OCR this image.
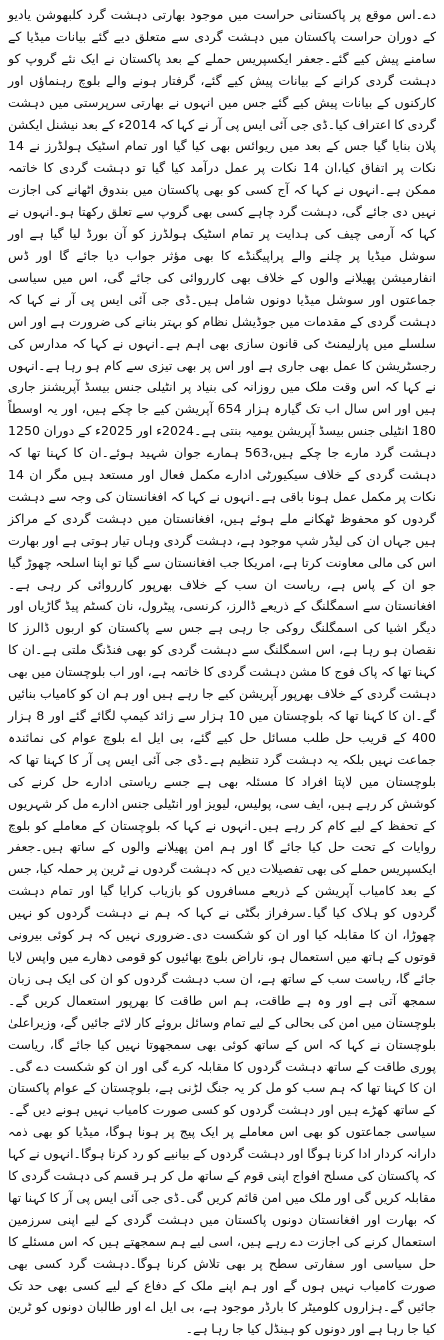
دے۔اس موقع پر پاکستانی حراست میں موجود بھارتی دہشت گرد کلبھوشن یادیو کے دوران حراست پاکستان میں دہشت گردی سے متعلق دیے گئے بیانات میڈیا کے سامنے پیش کیے گئے۔جعفر ایکسپریس حملے کے بعد پاکستان نے ایک نئے گروپ کو دہشت گردی کرانے کے بیانات پیش کیے گئے، گرفتار ہونے والے بلوچ رہنماؤں اور کارکنوں کے بیانات پیش کیے گئے جس میں انہوں نے بھارتی سرپرستی میں دہشت گردی کا اعتراف کیا۔ڈی جی آئی ایس پی آر نے کہا کہ 2014ء کے بعد نیشنل ایکشن پلان بنایا گیا جس کے بعد میں ریوائس بھی کیا گیا اور تمام اسٹیک ہولڈرز نے 14 نکات پر اتفاق کیا،ان 14 نکات پر عمل درآمد کیا گیا تو دہشت گردی کا خاتمہ ممکن ہے۔انہوں نے کہا کہ آج کسی کو بھی پاکستان میں بندوق اٹھانے کی اجازت نہیں دی جائے گی، دہشت گرد چاہے کسی بھی گروپ سے تعلق رکھتا ہو۔انہوں نے کہا کہ آرمی چیف کی ہدایت پر تمام اسٹیک ہولڈرز کو آن بورڈ لیا گیا ہے اور سوشل میڈیا پر چلنے والے پراپیگنڈے کا بھی مؤثر جواب دیا جائے گا اور ڈس انفارمیشن پھیلانے والوں کے خلاف بھی کارروائی کی جائے گی، اس میں سیاسی جماعتوں اور سوشل میڈیا دونوں شامل ہیں۔ڈی جی آئی ایس پی آر نے کہا کہ دہشت گردی کے مقدمات میں جوڈیشل نظام کو بہتر بنانے کی ضرورت ہے اور اس سلسلے میں پارلیمنٹ کی قانون سازی بھی اہم ہے۔انہوں نے کہا کہ مدارس کی رجسٹریشن کا عمل بھی جاری ہے اور اس پر بھی تیزی سے کام ہو رہا ہے۔انہوں نے کہا کہ اس وقت ملک میں روزانہ کی بنیاد پر انٹیلی جنس بیسڈ آپریشنز جاری ہیں اور اس سال اب تک گیارہ ہزار 654 آپریشن کیے جا چکے ہیں، اور یہ اوسطاً 180 انٹیلی جنس بیسڈ آپریشن یومیہ بنتی ہے۔2024ء اور 2025ء کے دوران 1250 دہشت گرد مارے جا چکے ہیں،563 ہمارے جوان شہید ہوئے۔ان کا کہنا تھا کہ دہشت گردی کے خلاف سیکیورٹی ادارے مکمل فعال اور مستعد ہیں مگر ان 14 نکات پر مکمل عمل ہونا باقی ہے۔انہوں نے کہا کہ افغانستان کی وجہ سے دہشت گردوں کو محفوظ ٹھکانے ملے ہوئے ہیں، افغانستان میں دہشت گردی کے مراکز ہیں جہاں ان کی لیڈر شپ موجود ہے، دہشت گردی وہاں تیار ہوتی ہے اور بھارت اس کی مالی معاونت کرتا ہے، امریکا جب افغانستان سے گیا تو اپنا اسلحہ چھوڑ گیا جو ان کے پاس ہے، ریاست ان سب کے خلاف بھرپور کارروائی کر رہی ہے۔افغانستان سے اسمگلنگ کے ذریعے ڈالرز، کرنسی، پیٹرول، نان کسٹم پیڈ گاڑیاں اور دیگر اشیا کی اسمگلنگ روکی جا رہی ہے جس سے پاکستان کو اربوں ڈالرز کا نقصان ہو رہا ہے، اس اسمگلنگ سے دہشت گردی کو بھی فنڈنگ ملتی ہے۔ان کا کہنا تھا کہ پاک فوج کا مشن دہشت گردی کا خاتمہ ہے، اور اب بلوچستان میں بھی دہشت گردی کے خلاف بھرپور آپریشن کیے جا رہے ہیں اور ہم ان کو کامیاب بنائیں گے۔ان کا کہنا تھا کہ بلوچستان میں 10 ہزار سے زائد کیمپ لگائے گئے اور 8 ہزار 400 کے قریب حل طلب مسائل حل کیے گئے، بی ایل اے بلوچ عوام کی نمائندہ جماعت نہیں بلکہ یہ دہشت گرد تنظیم ہے۔ڈی جی آئی ایس پی آر کا کہنا تھا کہ بلوچستان میں لاپتا افراد کا مسئلہ بھی ہے جسے ریاستی ادارے حل کرنے کی کوشش کر رہے ہیں، ایف سی، پولیس، لیویز اور انٹیلی جنس ادارے مل کر شہریوں کے تحفظ کے لیے کام کر رہے ہیں۔انہوں نے کہا کہ بلوچستان کے معاملے کو بلوچ روایات کے تحت حل کیا جائے گا اور ہم امن پھیلانے والوں کے ساتھ ہیں۔جعفر ایکسپریس حملے کی بھی تفصیلات دیں کہ دہشت گردوں نے ٹرین پر حملہ کیا، جس کے بعد کامیاب آپریشن کے ذریعے مسافروں کو بازیاب کرایا گیا اور تمام دہشت گردوں کو ہلاک کیا گیا۔سرفراز بگٹی نے کہا کہ ہم نے دہشت گردوں کو نہیں چھوڑا، ان کا مقابلہ کیا اور ان کو شکست دی۔ضروری نہیں کہ ہر کوئی بیرونی قوتوں کے ہاتھ میں استعمال ہو، ناراض بلوچ بھائیوں کو قومی دھارے میں واپس لایا جائے گا، ریاست سب کے ساتھ ہے، ان سب دہشت گردوں کو ان کی ایک ہی زبان سمجھ آتی ہے اور وہ ہے طاقت، ہم اس طاقت کا بھرپور استعمال کریں گے۔بلوچستان میں امن کی بحالی کے لیے تمام وسائل بروئے کار لائے جائیں گے، وزیراعلیٰ بلوچستان نے کہا کہ اس کے ساتھ کوئی بھی سمجھوتا نہیں کیا جائے گا، ریاست پوری طاقت کے ساتھ دہشت گردوں کا مقابلہ کرے گی اور ان کو شکست دے گی۔ان کا کہنا تھا کہ ہم سب کو مل کر یہ جنگ لڑنی ہے، بلوچستان کے عوام پاکستان کے ساتھ کھڑے ہیں اور دہشت گردوں کو کسی صورت کامیاب نہیں ہونے دیں گے۔سیاسی جماعتوں کو بھی اس معاملے پر ایک پیج پر ہونا ہوگا، میڈیا کو بھی ذمہ دارانہ کردار ادا کرنا ہوگا اور دہشت گردوں کے بیانیے کو رد کرنا ہوگا۔انہوں نے کہا کہ پاکستان کی مسلح افواج اپنی قوم کے ساتھ مل کر ہر قسم کی دہشت گردی کا مقابلہ کریں گی اور ملک میں امن قائم کریں گی۔ڈی جی آئی ایس پی آر کا کہنا تھا کہ بھارت اور افغانستان دونوں پاکستان میں دہشت گردی کے لیے اپنی سرزمین استعمال کرنے کی اجازت دے رہے ہیں، اسی لیے ہم سمجھتے ہیں کہ اس مسئلے کا حل سیاسی اور سفارتی سطح پر بھی تلاش کرنا ہوگا۔دہشت گرد کسی بھی صورت کامیاب نہیں ہوں گے اور ہم اپنے ملک کے دفاع کے لیے کسی بھی حد تک جائیں گے۔ہزاروں کلومیٹر کا بارڈر موجود ہے، بی ایل اے اور طالبان دونوں کو ٹرین کیا جا رہا ہے اور دونوں کو ہینڈل کیا جا رہا ہے۔
